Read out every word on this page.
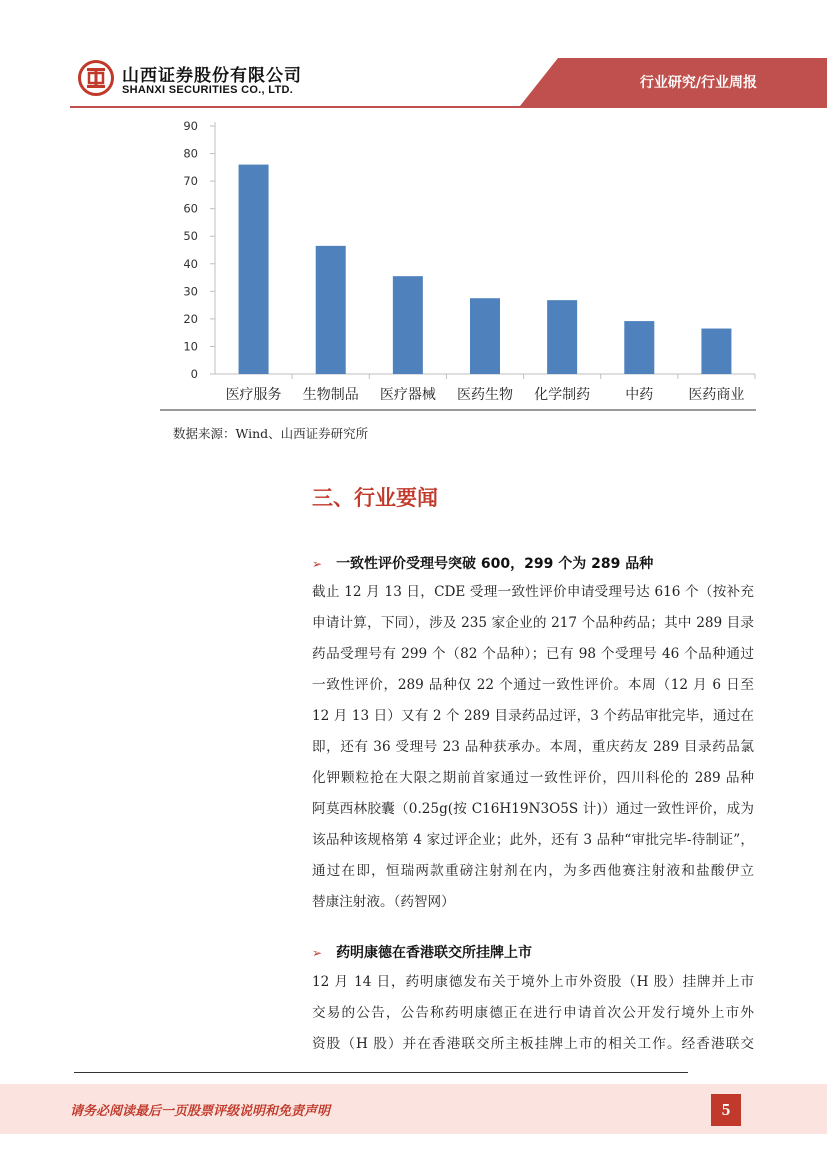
山西证券股份有限公司
SHANXI SECURITIES CO., LTD.	行业研究/行业周报
0
10
20
30
40
50
60
70
80
90
医疗服务 生物制品 医疗器械 医药生物 化学制药	中药	医药商业
数据来源：Wind、山西证券研究所
三、行业要闻
➢ 一致性评价受理号突破 600，299 个为 289 品种
截止 12 月 13 日，CDE 受理一致性评价申请受理号达 616 个（按补充
申请计算，下同），涉及 235 家企业的 217 个品种药品；其中 289 目录
药品受理号有 299 个（82 个品种）；已有 98 个受理号 46 个品种通过
一致性评价，289 品种仅 22 个通过一致性评价。本周（12 月 6 日至
12 月 13 日）又有 2 个 289 目录药品过评，3 个药品审批完毕，通过在
即，还有 36 受理号 23 品种获承办。本周，重庆药友 289 目录药品氯
化钾颗粒抢在大限之期前首家通过一致性评价，四川科伦的 289 品种
阿莫西林胶囊（0.25g(按 C16H19N3O5S 计)）通过一致性评价，成为
该品种该规格第 4 家过评企业；此外，还有 3 品种“审批完毕-待制证”，
通过在即，恒瑞两款重磅注射剂在内，为多西他赛注射液和盐酸伊立
替康注射液。（药智网）
➢ 药明康德在香港联交所挂牌上市
12 月 14 日，药明康德发布关于境外上市外资股（H 股）挂牌并上市
交易的公告，公告称药明康德正在进行申请首次公开发行境外上市外
资股（H 股）并在香港联交所主板挂牌上市的相关工作。经香港联交
请务必阅读最后一页股票评级说明和免责声明	5
